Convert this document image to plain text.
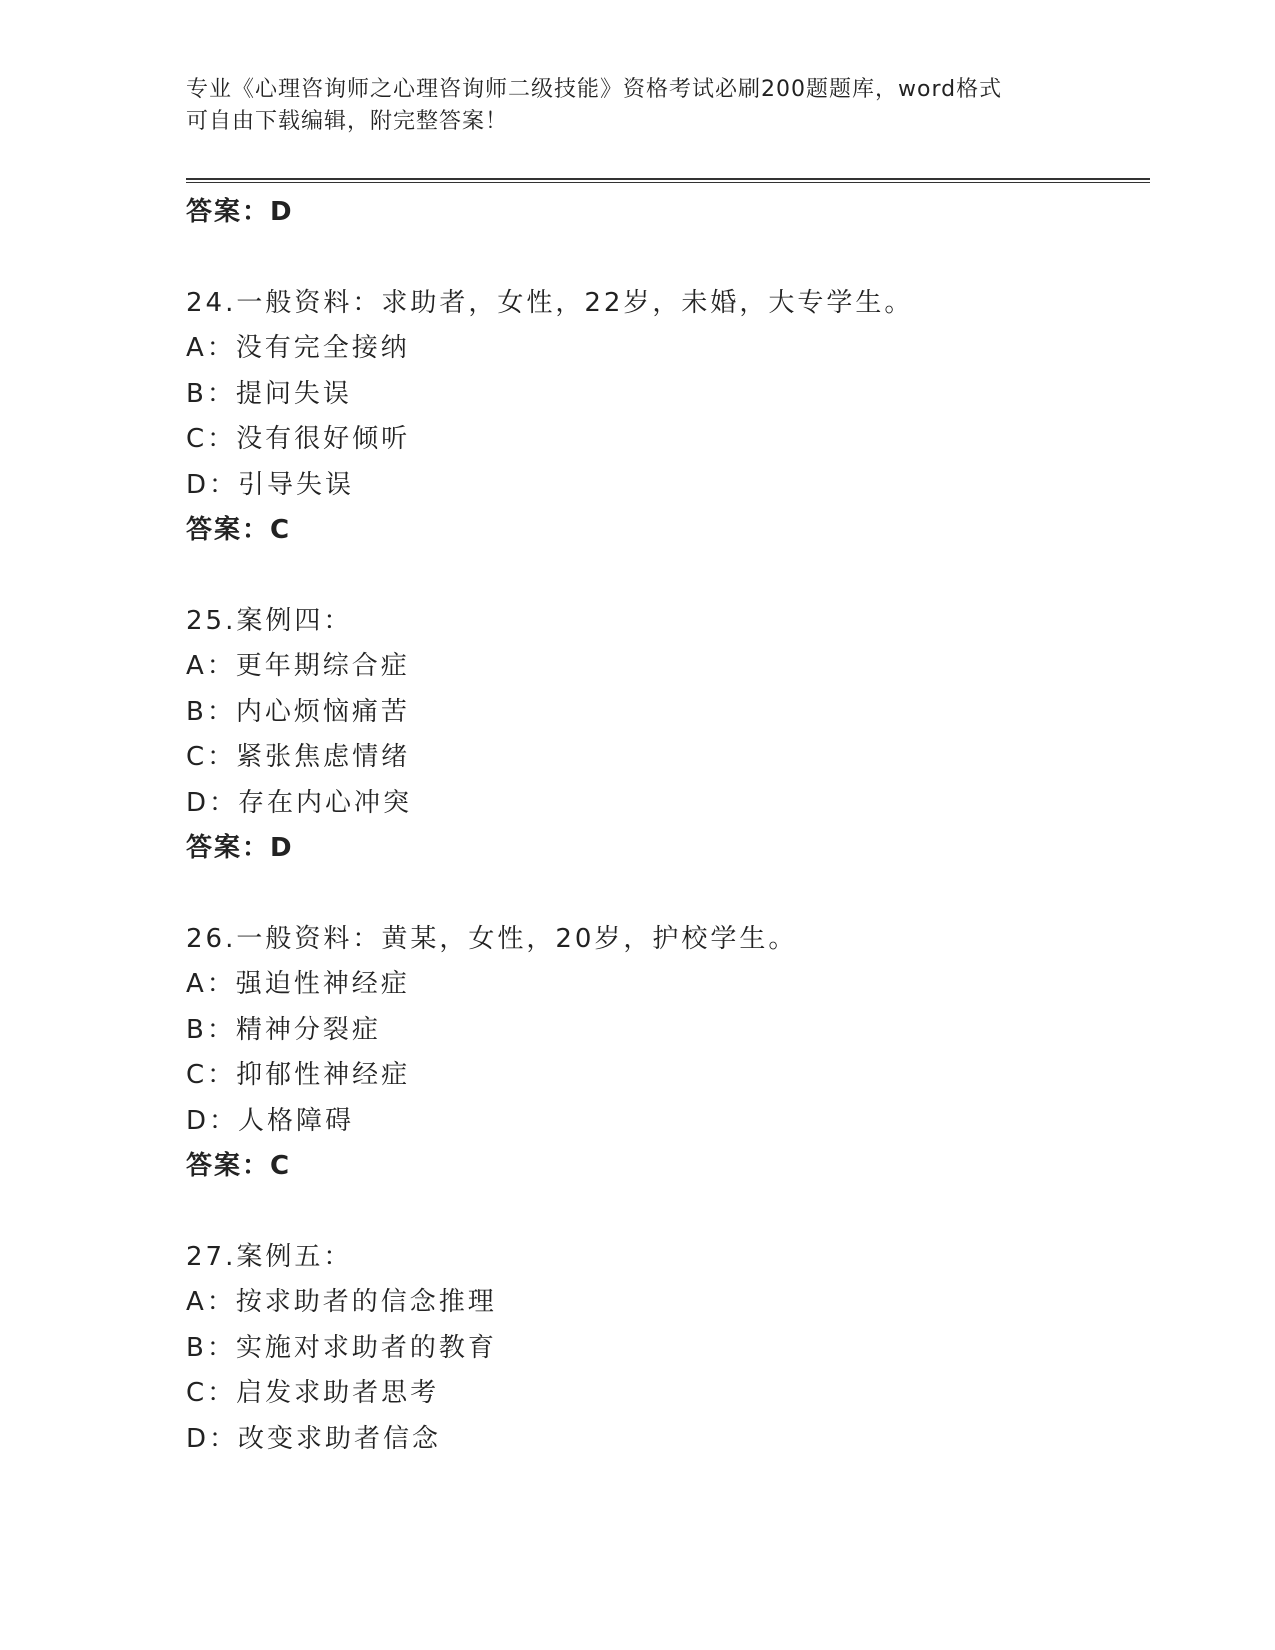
专业《心理咨询师之心理咨询师二级技能》资格考试必刷200题题库，word格式
可自由下载编辑，附完整答案！
答案：D
24.一般资料：求助者，女性，22岁，未婚，大专学生。
A：没有完全接纳
B：提问失误
C：没有很好倾听
D：引导失误
答案：C
25.案例四：
A：更年期综合症
B：内心烦恼痛苦
C：紧张焦虑情绪
D：存在内心冲突
答案：D
26.一般资料：黄某，女性，20岁，护校学生。
A：强迫性神经症
B：精神分裂症
C：抑郁性神经症
D：人格障碍
答案：C
27.案例五：
A：按求助者的信念推理
B：实施对求助者的教育
C：启发求助者思考
D：改变求助者信念
